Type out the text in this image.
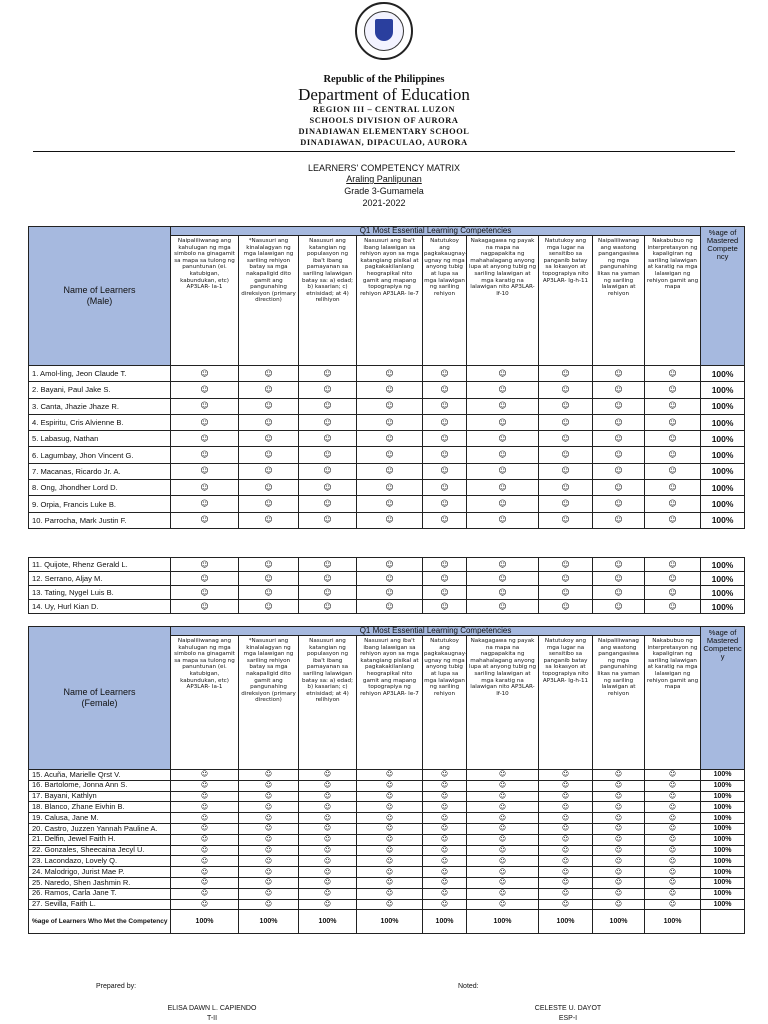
Republic of the Philippines
Department of Education
REGION III – CENTRAL LUZON
SCHOOLS DIVISION OF AURORA
DINADIAWAN ELEMENTARY SCHOOL
DINADIAWAN, DIPACULAO, AURORA
LEARNERS' COMPETENCY MATRIX
Araling Panlipunan
Grade 3-Gumamela
2021-2022
Name of Learners
(Male)	Q1 Most Essential Learning Competencies									%age of Mastered Compete ncy
	Naipaliliwanag ang kahulugan ng mga simbolo na ginagamit sa mapa sa tulong ng panuntunan (ei. katubigan, kabundukan, etc) AP3LAR- Ia-1	*Nasusuri ang kinalalagyan ng mga lalawigan ng sariling rehiyon batay sa mga nakapaligid dito gamit ang pangunahing direksiyon (primary direction)	Nasusuri ang katangian ng populasyon ng iba't ibang pamayanan sa sariling lalawigan batay sa: a) edad; b) kasarian; c) etnisidad; at 4) relihiyon	Nasusuri ang iba't ibang lalawigan sa rehiyon ayon sa mga katangiang pisikal at pagkakakilanlang heograpikal nito gamit ang mapang topograpiya ng rehiyon AP3LAR- Ie-7	Natutukoy ang pagkakaugnay-ugnay ng mga anyong tubig at lupa sa mga lalawigan ng sariling rehiyon	Nakagagawa ng payak na mapa na nagpapakita ng mahahalagang anyong lupa at anyong tubig ng sariling lalawigan at mga karatig na lalawigan nito AP3LAR- If-10	Natutukoy ang mga lugar na sensitibo sa panganib batay sa lokasyon at topograpiya nito AP3LAR- Ig-h-11	Naipaliliwanag ang wastong pangangasiwa ng mga pangunahing likas na yaman ng sariling lalawigan at rehiyon	Nakabubuo ng interpretasyon ng kapaligiran ng sariling lalawigan at karatig na mga lalawigan ng rehiyon gamit ang mapa	
1. Amol-ling, Jeon Claude T.	☺	☺	☺	☺	☺	☺	☺	☺	☺	100%
2. Bayani, Paul Jake S.	☺	☺	☺	☺	☺	☺	☺	☺	☺	100%
3. Canta, Jhazie Jhaze R.	☺	☺	☺	☺	☺	☺	☺	☺	☺	100%
4. Espiritu, Cris Alvienne B.	☺	☺	☺	☺	☺	☺	☺	☺	☺	100%
5. Labasug, Nathan	☺	☺	☺	☺	☺	☺	☺	☺	☺	100%
6. Lagumbay, Jhon Vincent G.	☺	☺	☺	☺	☺	☺	☺	☺	☺	100%
7. Macanas, Ricardo Jr. A.	☺	☺	☺	☺	☺	☺	☺	☺	☺	100%
8. Ong, Jhondher Lord D.	☺	☺	☺	☺	☺	☺	☺	☺	☺	100%
9. Orpia, Francis Luke B.	☺	☺	☺	☺	☺	☺	☺	☺	☺	100%
10. Parrocha, Mark Justin F.	☺	☺	☺	☺	☺	☺	☺	☺	☺	100%
11. Quijote, Rhenz Gerald L.	☺	☺	☺	☺	☺	☺	☺	☺	☺	100%
12. Serrano, Aljay M.	☺	☺	☺	☺	☺	☺	☺	☺	☺	100%
13. Tating, Nygel Luis B.	☺	☺	☺	☺	☺	☺	☺	☺	☺	100%
14. Uy, Hurl Kian D.	☺	☺	☺	☺	☺	☺	☺	☺	☺	100%
Name of Learners
(Female)	Q1 Most Essential Learning Competencies									%age of Mastered Competenc y
	Naipaliliwanag ang kahulugan ng mga simbolo na ginagamit sa mapa sa tulong ng panuntunan (ei. katubigan, kabundukan, etc) AP3LAR- Ia-1	*Nasusuri ang kinalalagyan ng mga lalawigan ng sariling rehiyon batay sa mga nakapaligid dito gamit ang pangunahing direksiyon (primary direction)	Nasusuri ang katangian ng populasyon ng iba't ibang pamayanan sa sariling lalawigan batay sa: a) edad; b) kasarian; c) etnisidad; at 4) relihiyon	Nasusuri ang iba't ibang lalawigan sa rehiyon ayon sa mga katangiang pisikal at pagkakakilanlang heograpikal nito gamit ang mapang topograpiya ng rehiyon AP3LAR- Ie-7	Natutukoy ang pagkakaugnay-ugnay ng mga anyong tubig at lupa sa mga lalawigan ng sariling rehiyon	Nakagagawa ng payak na mapa na nagpapakita ng mahahalagang anyong lupa at anyong tubig ng sariling lalawigan at mga karatig na lalawigan nito AP3LAR- If-10	Natutukoy ang mga lugar na sensitibo sa panganib batay sa lokasyon at topograpiya nito AP3LAR- Ig-h-11	Naipaliliwanag ang wastong pangangasiwa ng mga pangunahing likas na yaman ng sariling lalawigan at rehiyon	Nakabubuo ng interpretasyon ng kapaligiran ng sariling lalawigan at karatig na mga lalawigan ng rehiyon gamit ang mapa	
15. Acuña, Marielle Qrst V.	☺	☺	☺	☺	☺	☺	☺	☺	☺	100%
16. Bartolome, Jonna Ann S.	☺	☺	☺	☺	☺	☺	☺	☺	☺	100%
17. Bayani, Kathlyn	☺	☺	☺	☺	☺	☺	☺	☺	☺	100%
18. Blanco, Zhane Eivhin B.	☺	☺	☺	☺	☺	☺	☺	☺	☺	100%
19. Calusa, Jane M.	☺	☺	☺	☺	☺	☺	☺	☺	☺	100%
20. Castro, Juzzen Yannah Pauline A.	☺	☺	☺	☺	☺	☺	☺	☺	☺	100%
21. Delfin, Jewel Faith H.	☺	☺	☺	☺	☺	☺	☺	☺	☺	100%
22. Gonzales, Sheecaina Jecyl U.	☺	☺	☺	☺	☺	☺	☺	☺	☺	100%
23. Lacondazo, Lovely Q.	☺	☺	☺	☺	☺	☺	☺	☺	☺	100%
24. Malodrigo, Jurist Mae P.	☺	☺	☺	☺	☺	☺	☺	☺	☺	100%
25. Naredo, Shen Jashmin R.	☺	☺	☺	☺	☺	☺	☺	☺	☺	100%
26. Ramos, Carla Jane T.	☺	☺	☺	☺	☺	☺	☺	☺	☺	100%
27. Sevilla, Faith L.	☺	☺	☺	☺	☺	☺	☺	☺	☺	100%
%age of Learners Who Met the Competency	100%	100%	100%	100%	100%	100%	100%	100%	100%	
Prepared by:	Noted:
ELISA DAWN L. CAPIENDO
T-II
CELESTE U. DAYOT
ESP-I
